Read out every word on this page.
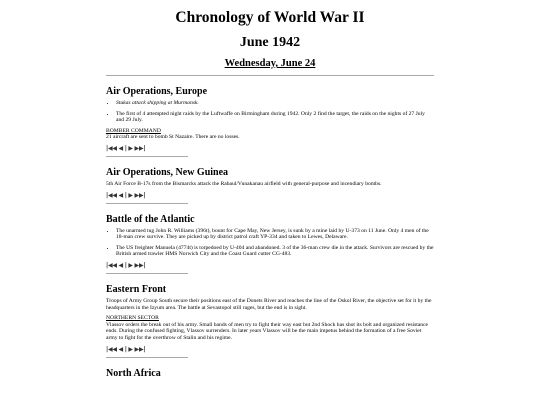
Chronology of World War II
June 1942
Wednesday, June 24
Air Operations, Europe
• Stukas attack shipping at Murmansk.
• The first of 4 attempted night raids by the Luftwaffe on Birmingham during 1942. Only 2 find the target, the raids on the nights of 27 July and 29 July.
BOMBER COMMAND

21 aircraft are sent to bomb St Nazaire. There are no losses.

|◀◀ ◀ | ▶ ▶▶|
Air Operations, New Guinea

5th Air Force B-17s from the Bismarcks attack the Rabaul/Vunakanau airfield with general-purpose and incendiary bombs.

|◀◀ ◀ | ▶ ▶▶|
Battle of the Atlantic
• The unarmed tug John R. Williams (396t), bount for Cape May, New Jersey, is sunk by a mine laid by U-373 on 11 June. Only 4 men of the 18-man crew survive. They are picked up by district patrol craft YP-334 and taken to Lewes, Delaware.
• The US freighter Manuela (4774t) is torpedoed by U-404 and abandoned. 3 of the 36-man crew die in the attack. Survivors are rescued by the British armed trawler HMS Norwich City and the Coast Guard cutter CG-483.
|◀◀ ◀ | ▶ ▶▶|
Eastern Front

Troops of Army Group South secure their positions east of the Donets River and reaches the line of the Oskol River, the objective set for it by the headquarters in the Izyum area. The battle at Sevastopol still rages, but the end is in sight.

NORTHERN SECTOR

Vlassov orders the break out of his army. Small bands of men try to fight their way east but 2nd Shock has shot its bolt and organized resistance ends. During the confused fighting, Vlassov surrenders. In later years Vlassov will be the main impetus behind the formation of a free Soviet army to fight for the overthrow of Stalin and his regime.

|◀◀ ◀ | ▶ ▶▶|
North Africa
